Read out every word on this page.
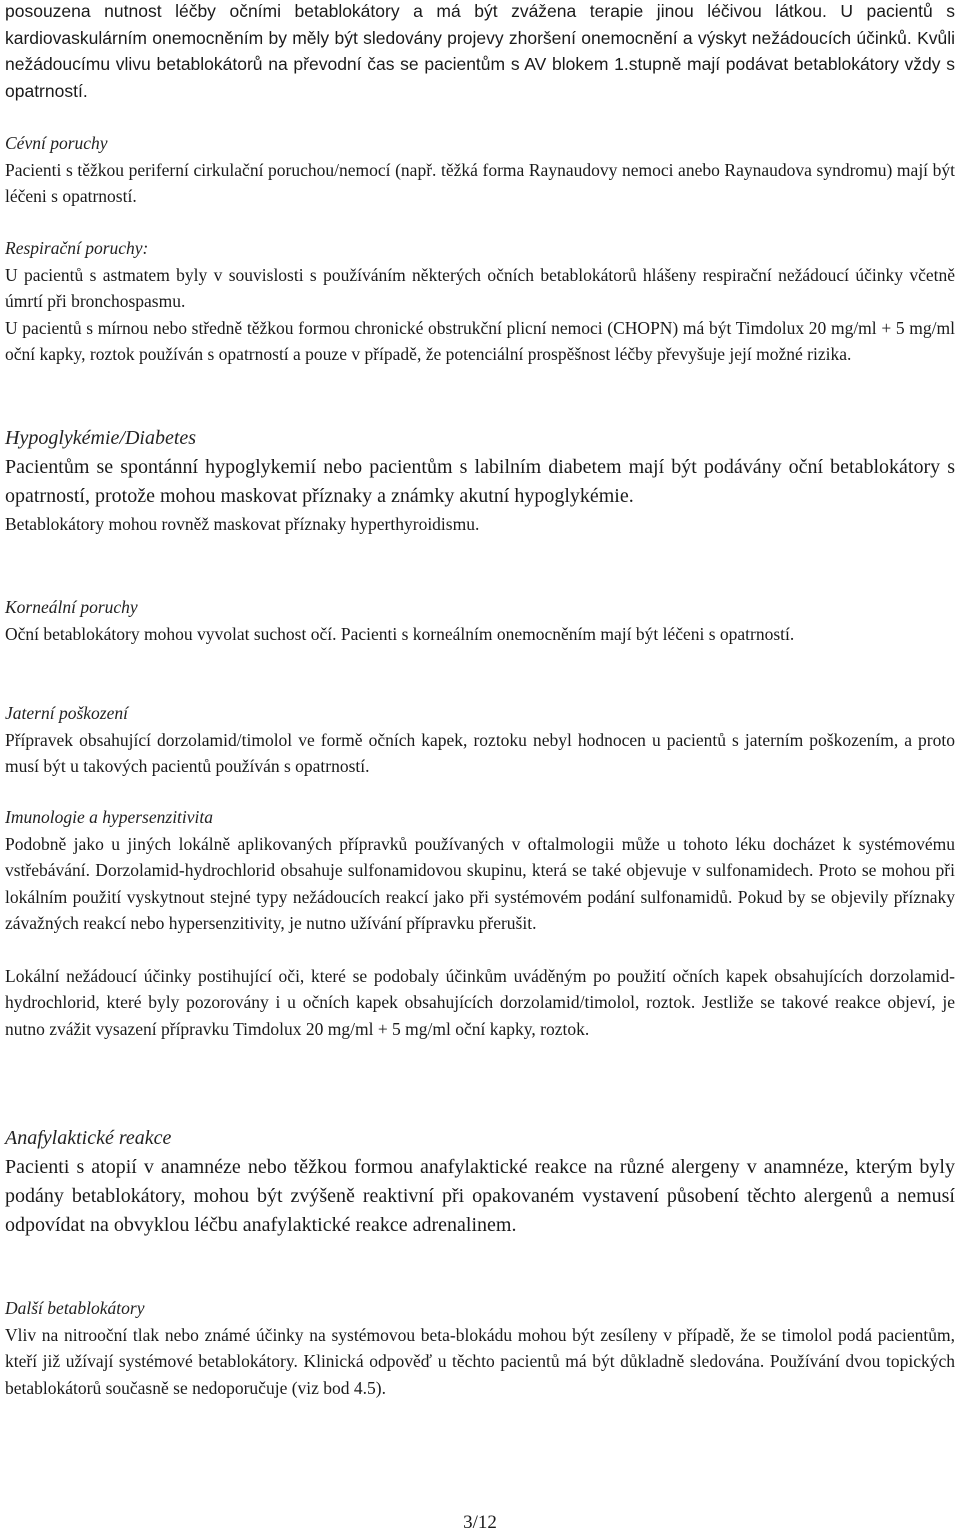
posouzena nutnost léčby očními betablokátory a má být zvážena terapie jinou léčivou látkou. U pacientů s kardiovaskulárním onemocněním by měly být sledovány projevy zhoršení onemocnění a výskyt nežádoucích účinků. Kvůli nežádoucímu vlivu betablokátorů na převodní čas se pacientům s AV blokem 1.stupně mají podávat betablokátory vždy s opatrností.

Cévní poruchy

Pacienti s těžkou periferní cirkulační poruchou/nemocí (např. těžká forma Raynaudovy nemoci anebo Raynaudova syndromu) mají být léčeni s opatrností.

Respirační poruchy:

U pacientů s astmatem byly v souvislosti s používáním některých očních betablokátorů hlášeny respirační nežádoucí účinky včetně úmrtí při bronchospasmu.

U pacientů s mírnou nebo středně těžkou formou chronické obstrukční plicní nemoci (CHOPN) má být Timdolux 20 mg/ml + 5 mg/ml oční kapky, roztok používán s opatrností a pouze v případě, že potenciální prospěšnost léčby převyšuje její možné rizika.

Hypoglykémie/Diabetes

Pacientům se spontánní hypoglykemií nebo pacientům s labilním diabetem mají být podávány oční betablokátory s opatrností, protože mohou maskovat příznaky a známky akutní hypoglykémie.

Betablokátory mohou rovněž maskovat příznaky hyperthyroidismu.

Korneální poruchy

Oční betablokátory mohou vyvolat suchost očí. Pacienti s korneálním onemocněním mají být léčeni s opatrností.

Jaterní poškození

Přípravek obsahující dorzolamid/timolol ve formě očních kapek, roztoku nebyl hodnocen u pacientů s jaterním poškozením, a proto musí být u takových pacientů používán s opatrností.

Imunologie a hypersenzitivita

Podobně jako u jiných lokálně aplikovaných přípravků používaných v oftalmologii může u tohoto léku docházet k systémovému vstřebávání. Dorzolamid-hydrochlorid obsahuje sulfonamidovou skupinu, která se také objevuje v sulfonamidech. Proto se mohou při lokálním použití vyskytnout stejné typy nežádoucích reakcí jako při systémovém podání sulfonamidů. Pokud by se objevily příznaky závažných reakcí nebo hypersenzitivity, je nutno užívání přípravku přerušit.

Lokální nežádoucí účinky postihující oči, které se podobaly účinkům uváděným po použití očních kapek obsahujících dorzolamid-hydrochlorid, které byly pozorovány i u očních kapek obsahujících dorzolamid/timolol, roztok. Jestliže se takové reakce objeví, je nutno zvážit vysazení přípravku Timdolux 20 mg/ml + 5 mg/ml oční kapky, roztok.

Anafylaktické reakce

Pacienti s atopií v anamnéze nebo těžkou formou anafylaktické reakce na různé alergeny v anamnéze, kterým byly podány betablokátory, mohou být zvýšeně reaktivní při opakovaném vystavení působení těchto alergenů a nemusí odpovídat na obvyklou léčbu anafylaktické reakce adrenalinem.

Další betablokátory

Vliv na nitrooční tlak nebo známé účinky na systémovou beta-blokádu mohou být zesíleny v případě, že se timolol podá pacientům, kteří již užívají systémové betablokátory. Klinická odpověď u těchto pacientů má být důkladně sledována. Používání dvou topických betablokátorů současně se nedoporučuje (viz bod 4.5).

3/12
